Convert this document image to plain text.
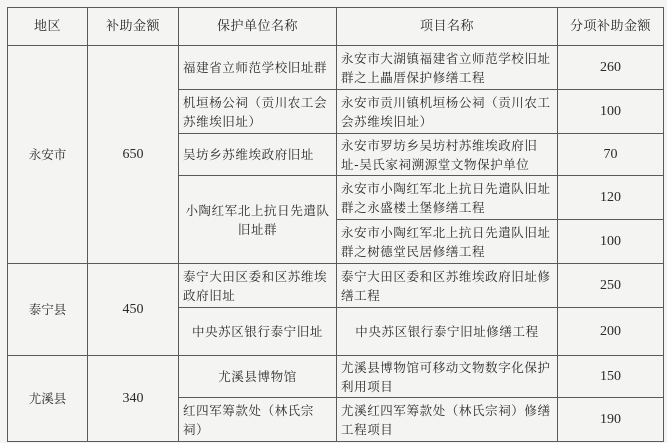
地区	补助金额	保护单位名称	项目名称	分项补助金额
永安市	650	福建省立师范学校旧址群	永安市大湖镇福建省立师范学校旧址群之上畾厝保护修缮工程	260
		机垣杨公祠（贡川农工会苏维埃旧址）	永安市贡川镇机垣杨公祠（贡川农工会苏维埃旧址）	100
		吴坊乡苏维埃政府旧址	永安市罗坊乡吴坊村苏维埃政府旧址-吴氏家祠溯源堂文物保护单位	70
		小陶红军北上抗日先遣队旧址群	永安市小陶红军北上抗日先遣队旧址群之永盛楼土堡修缮工程	120
			永安市小陶红军北上抗日先遣队旧址群之树德堂民居修缮工程	100
泰宁县	450	泰宁大田区委和区苏维埃政府旧址	泰宁大田区委和区苏维埃政府旧址修缮工程	250
		中央苏区银行泰宁旧址	中央苏区银行泰宁旧址修缮工程	200
尤溪县	340	尤溪县博物馆	尤溪县博物馆可移动文物数字化保护利用项目	150
		红四军筹款处（林氏宗祠）	尤溪红四军筹款处（林氏宗祠）修缮工程项目	190
